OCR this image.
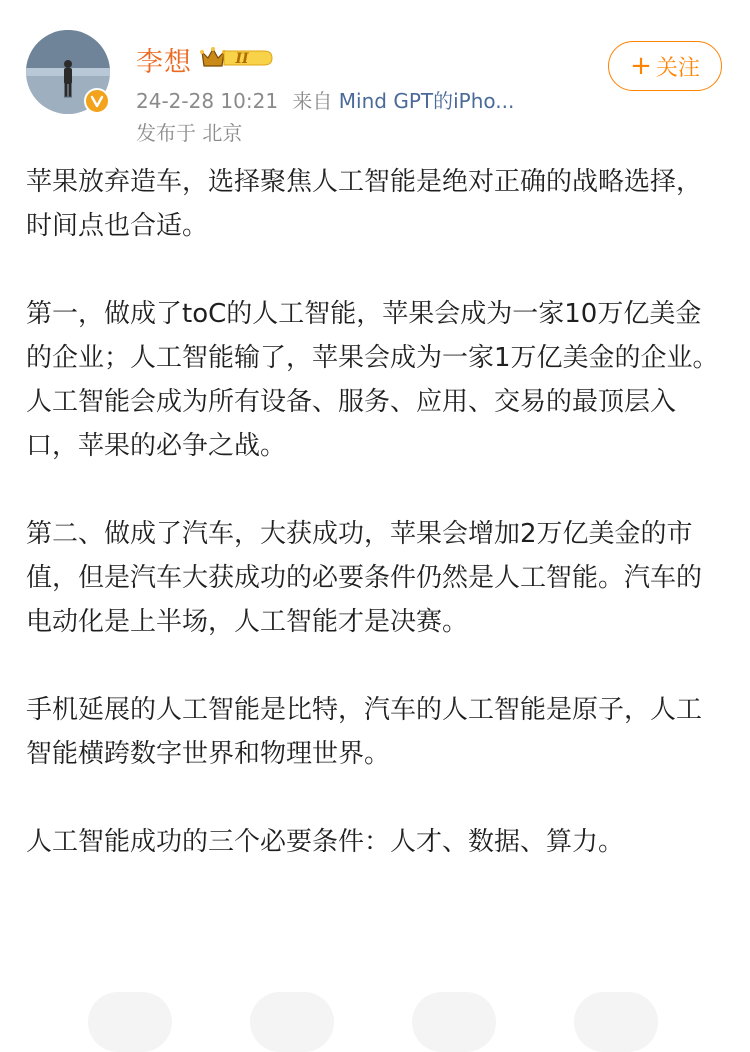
李想	II
24-2-28 10:21 来自 Mind GPT的iPho...
发布于 北京
+ 关注

苹果放弃造车，选择聚焦人工智能是绝对正确的战略选择，时间点也合适。

第一，做成了toC的人工智能，苹果会成为一家10万亿美金的企业；人工智能输了，苹果会成为一家1万亿美金的企业。人工智能会成为所有设备、服务、应用、交易的最顶层入口，苹果的必争之战。

第二、做成了汽车，大获成功，苹果会增加2万亿美金的市值，但是汽车大获成功的必要条件仍然是人工智能。汽车的电动化是上半场，人工智能才是决赛。

手机延展的人工智能是比特，汽车的人工智能是原子，人工智能横跨数字世界和物理世界。

人工智能成功的三个必要条件：人才、数据、算力。
